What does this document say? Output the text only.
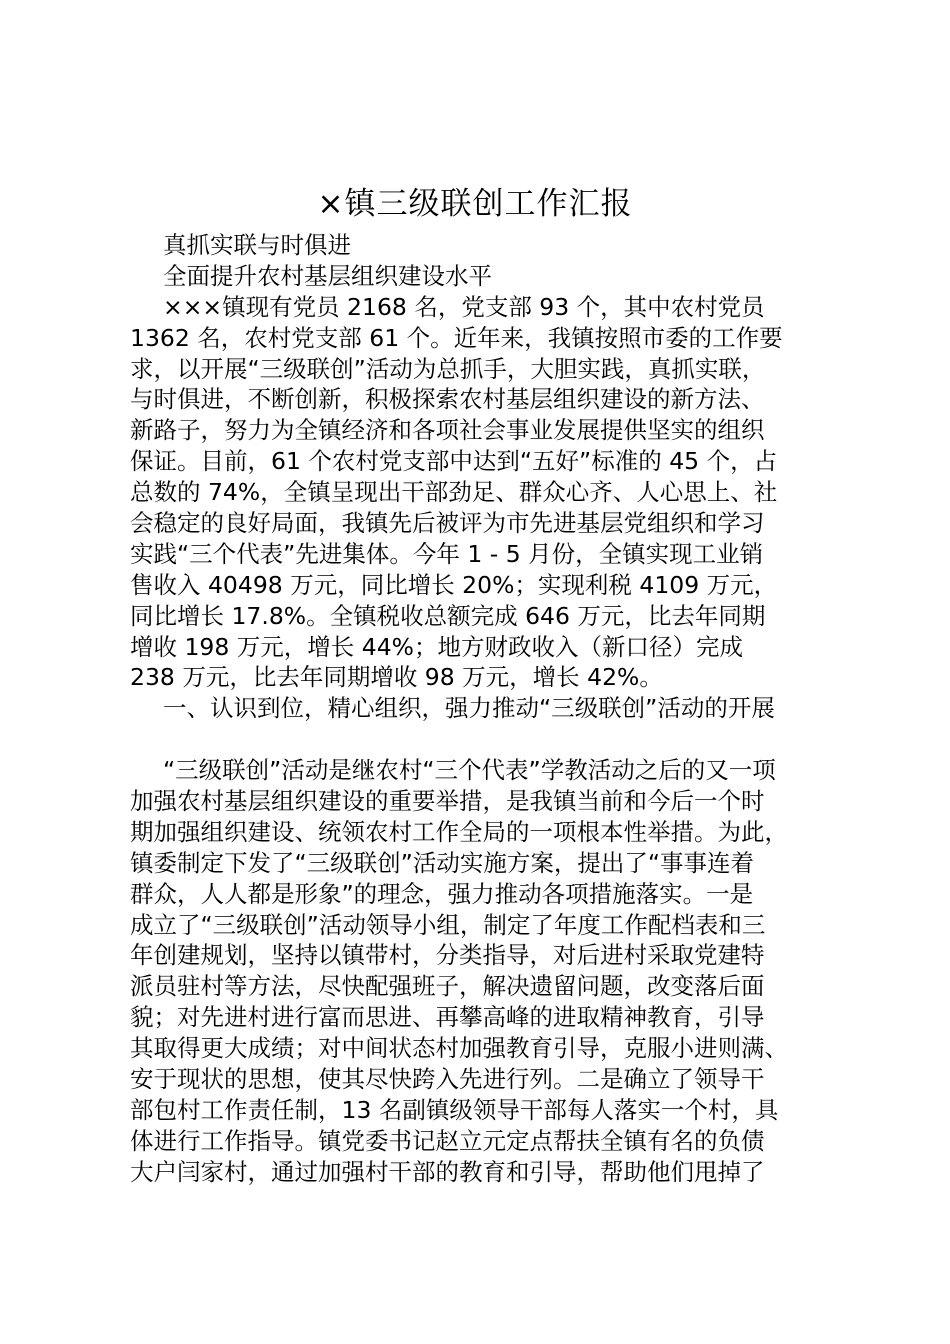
×镇三级联创工作汇报

真抓实联与时俱进

全面提升农村基层组织建设水平

×××镇现有党员 2168 名，党支部 93 个，其中农村党员

1362 名，农村党支部 61 个。近年来，我镇按照市委的工作要

求，以开展“三级联创”活动为总抓手，大胆实践，真抓实联，

与时俱进，不断创新，积极探索农村基层组织建设的新方法、

新路子，努力为全镇经济和各项社会事业发展提供坚实的组织

保证。目前，61 个农村党支部中达到“五好”标准的 45 个，占

总数的 74%，全镇呈现出干部劲足、群众心齐、人心思上、社

会稳定的良好局面，我镇先后被评为市先进基层党组织和学习

实践“三个代表”先进集体。今年 1 - 5 月份，全镇实现工业销

售收入 40498 万元，同比增长 20%；实现利税 4109 万元，

同比增长 17.8%。全镇税收总额完成 646 万元，比去年同期

增收 198 万元，增长 44%；地方财政收入（新口径）完成

238 万元，比去年同期增收 98 万元，增长 42%。

一、认识到位，精心组织，强力推动“三级联创”活动的开展

“三级联创”活动是继农村“三个代表”学教活动之后的又一项

加强农村基层组织建设的重要举措，是我镇当前和今后一个时

期加强组织建设、统领农村工作全局的一项根本性举措。为此，

镇委制定下发了“三级联创”活动实施方案，提出了“事事连着

群众，人人都是形象”的理念，强力推动各项措施落实。一是

成立了“三级联创”活动领导小组，制定了年度工作配档表和三

年创建规划，坚持以镇带村，分类指导，对后进村采取党建特

派员驻村等方法，尽快配强班子，解决遗留问题，改变落后面

貌；对先进村进行富而思进、再攀高峰的进取精神教育，引导

其取得更大成绩；对中间状态村加强教育引导，克服小进则满、

安于现状的思想，使其尽快跨入先进行列。二是确立了领导干

部包村工作责任制，13 名副镇级领导干部每人落实一个村，具

体进行工作指导。镇党委书记赵立元定点帮扶全镇有名的负债

大户闫家村，通过加强村干部的教育和引导，帮助他们甩掉了
